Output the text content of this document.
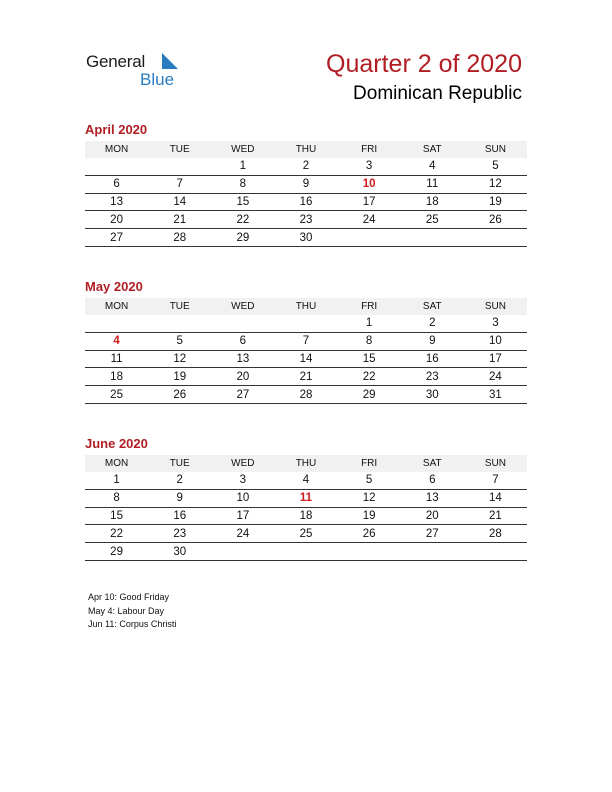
General
Blue
Quarter 2 of 2020
Dominican Republic
April 2020
MON	TUE	WED	THU	FRI	SAT	SUN
		1	2	3	4	5
6	7	8	9	10	11	12
13	14	15	16	17	18	19
20	21	22	23	24	25	26
27	28	29	30			
May 2020
MON	TUE	WED	THU	FRI	SAT	SUN
				1	2	3
4	5	6	7	8	9	10
11	12	13	14	15	16	17
18	19	20	21	22	23	24
25	26	27	28	29	30	31
June 2020
MON	TUE	WED	THU	FRI	SAT	SUN
1	2	3	4	5	6	7
8	9	10	11	12	13	14
15	16	17	18	19	20	21
22	23	24	25	26	27	28
29	30					
Apr 10: Good Friday
May 4: Labour Day
Jun 11: Corpus Christi
